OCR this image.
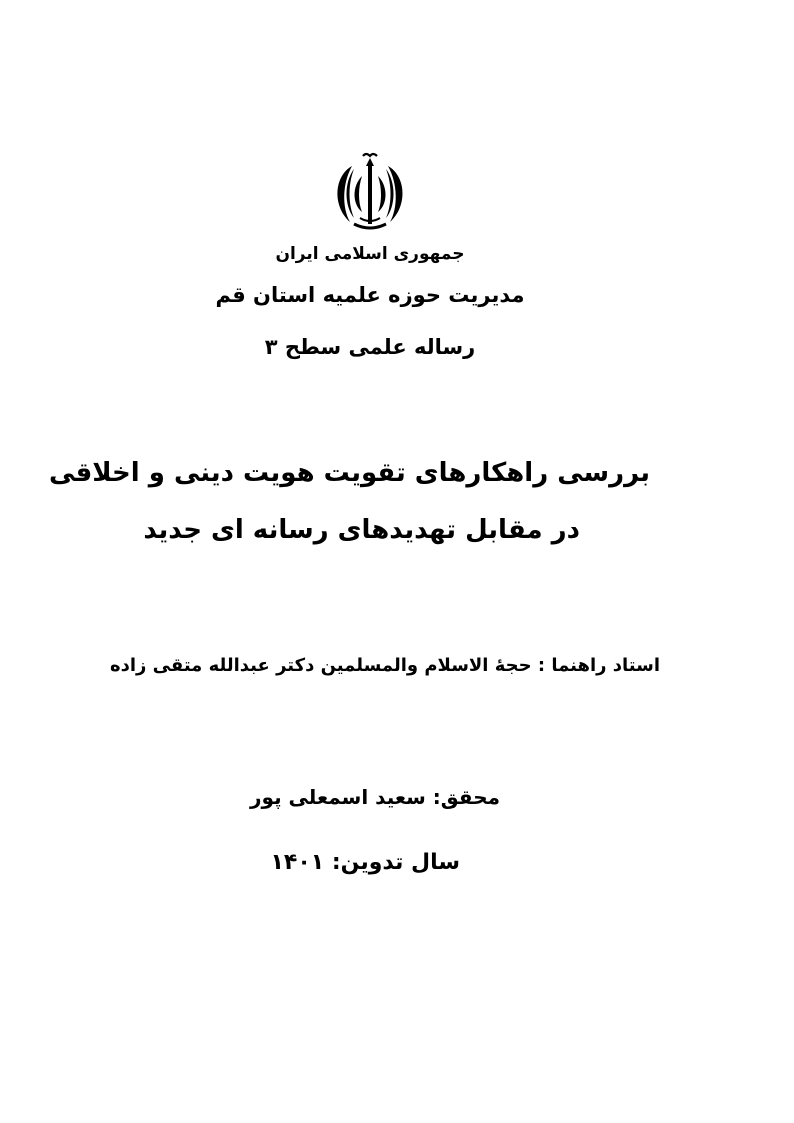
جمهوری اسلامی ایران
مدیریت حوزه علمیه استان قم
رساله علمی سطح ۳
بررسی راهکارهای تقویت هویت دینی و اخلاقی
در مقابل تهدیدهای رسانه ای جدید
استاد راهنما : حجۀ الاسلام والمسلمین دکتر عبدالله متقی زاده
محقق: سعید اسمعلی پور
سال تدوین: ۱۴۰۱
